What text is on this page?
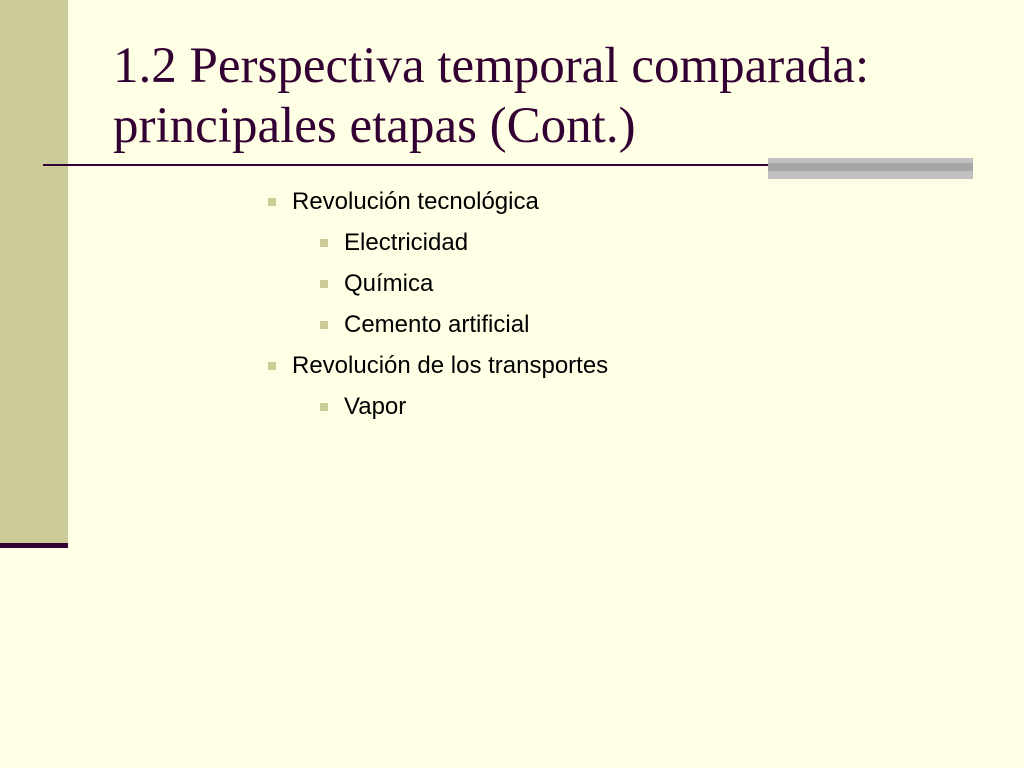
1.2 Perspectiva temporal comparada:
principales etapas (Cont.)
Revolución tecnológica
Electricidad
Química
Cemento artificial
Revolución de los transportes
Vapor
